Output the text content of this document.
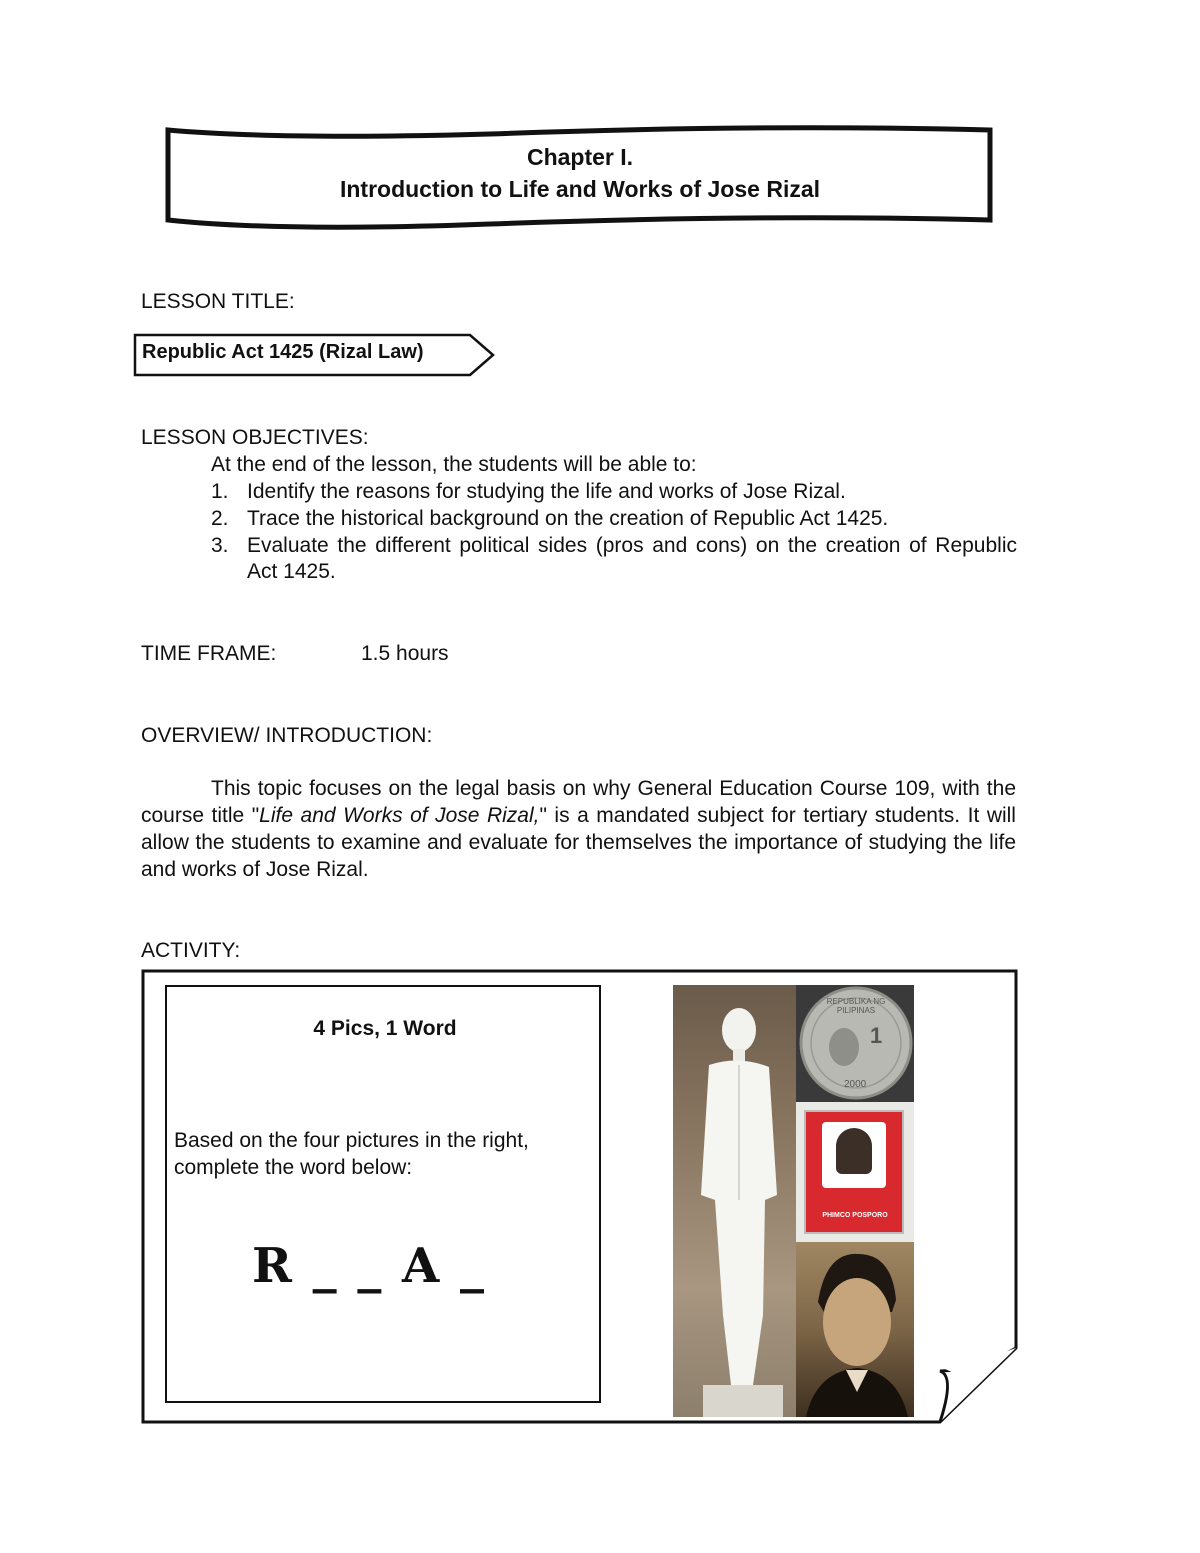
Chapter I.
Introduction to Life and Works of Jose Rizal
LESSON TITLE:
Republic Act 1425 (Rizal Law)
LESSON OBJECTIVES:
At the end of the lesson, the students will be able to:
1. Identify the reasons for studying the life and works of Jose Rizal.
2. Trace the historical background on the creation of Republic Act 1425.
3. Evaluate the different political sides (pros and cons) on the creation of Republic Act 1425.
TIME FRAME:	1.5 hours
OVERVIEW/ INTRODUCTION:

This topic focuses on the legal basis on why General Education Course 109, with the course title "Life and Works of Jose Rizal," is a mandated subject for tertiary students. It will allow the students to examine and evaluate for themselves the importance of studying the life and works of Jose Rizal.

ACTIVITY:
4 Pics, 1 Word
Based on the four pictures in the right, complete the word below:
R _ _ A _
REPUBLIKA NG PILIPINAS
1
2000
PHIMCO POSPORO
